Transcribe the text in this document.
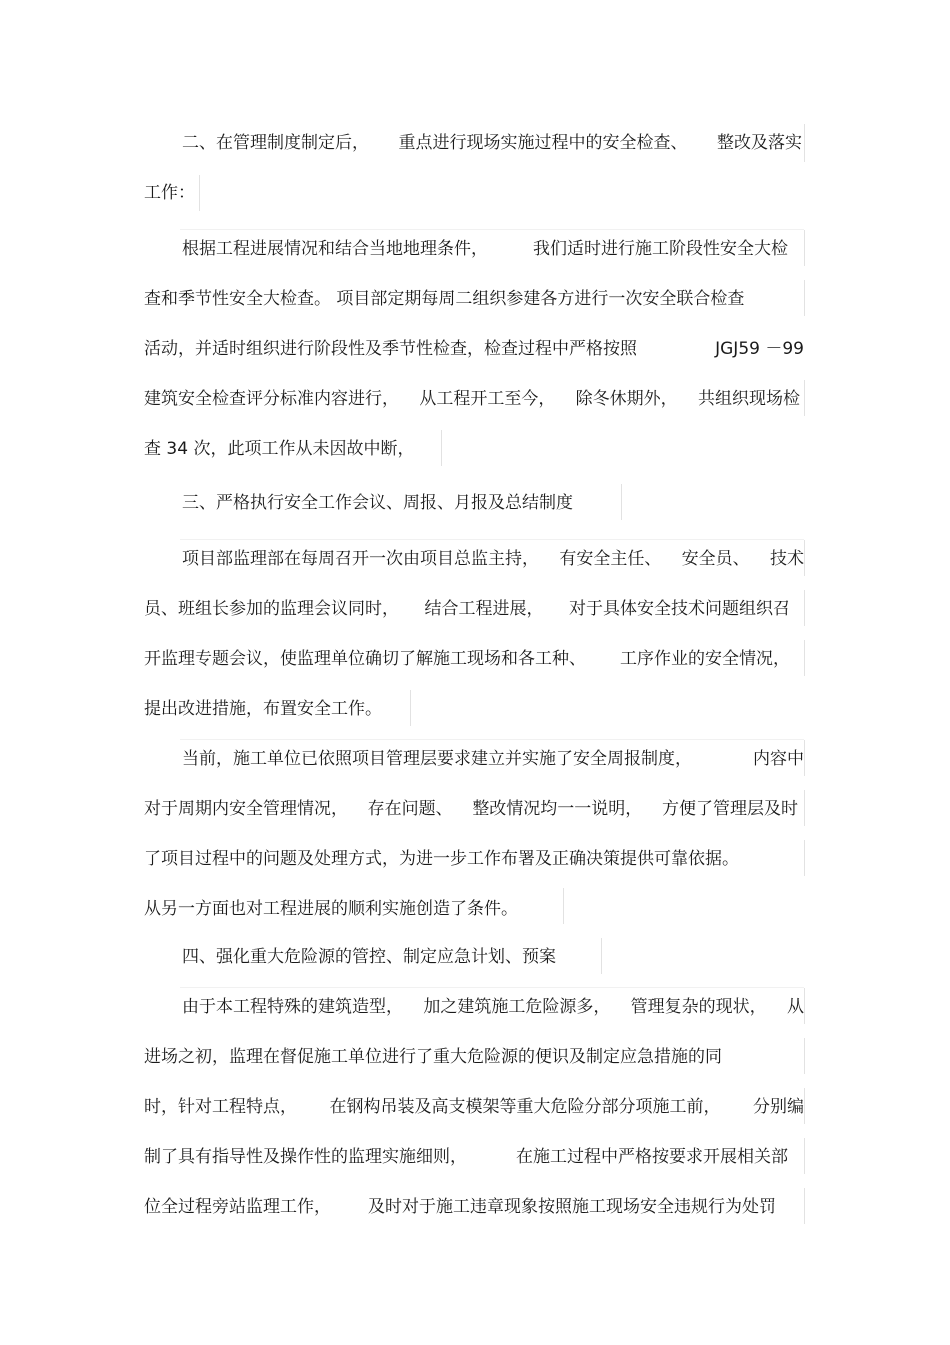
二、在管理制度制定后， 重点进行现场实施过程中的安全检查、 整改及落实
工作：
根据工程进展情况和结合当地地理条件，	我们适时进行施工阶段性安全大检
查和季节性安全大检查。 项目部定期每周二组织参建各方进行一次安全联合检查
活动，并适时组织进行阶段性及季节性检查，检查过程中严格按照	JGJ59 －99
建筑安全检查评分标准内容进行， 从工程开工至今， 除冬休期外， 共组织现场检
查 34 次，此项工作从未因故中断，
三、严格执行安全工作会议、周报、月报及总结制度
项目部监理部在每周召开一次由项目总监主持， 有安全主任、 安全员、 技术
员、班组长参加的监理会议同时， 结合工程进展， 对于具体安全技术问题组织召
开监理专题会议，使监理单位确切了解施工现场和各工种、 工序作业的安全情况，
提出改进措施，布置安全工作。
当前，施工单位已依照项目管理层要求建立并实施了安全周报制度，	内容中
对于周期内安全管理情况， 存在问题、 整改情况均一一说明， 方便了管理层及时
了项目过程中的问题及处理方式，为进一步工作布署及正确决策提供可靠依据。
从另一方面也对工程进展的顺利实施创造了条件。
四、强化重大危险源的管控、制定应急计划、预案
由于本工程特殊的建筑造型， 加之建筑施工危险源多， 管理复杂的现状， 从
进场之初，监理在督促施工单位进行了重大危险源的便识及制定应急措施的同
时，针对工程特点， 在钢构吊装及高支模架等重大危险分部分项施工前， 分别编
制了具有指导性及操作性的监理实施细则，	在施工过程中严格按要求开展相关部
位全过程旁站监理工作， 及时对于施工违章现象按照施工现场安全违规行为处罚
